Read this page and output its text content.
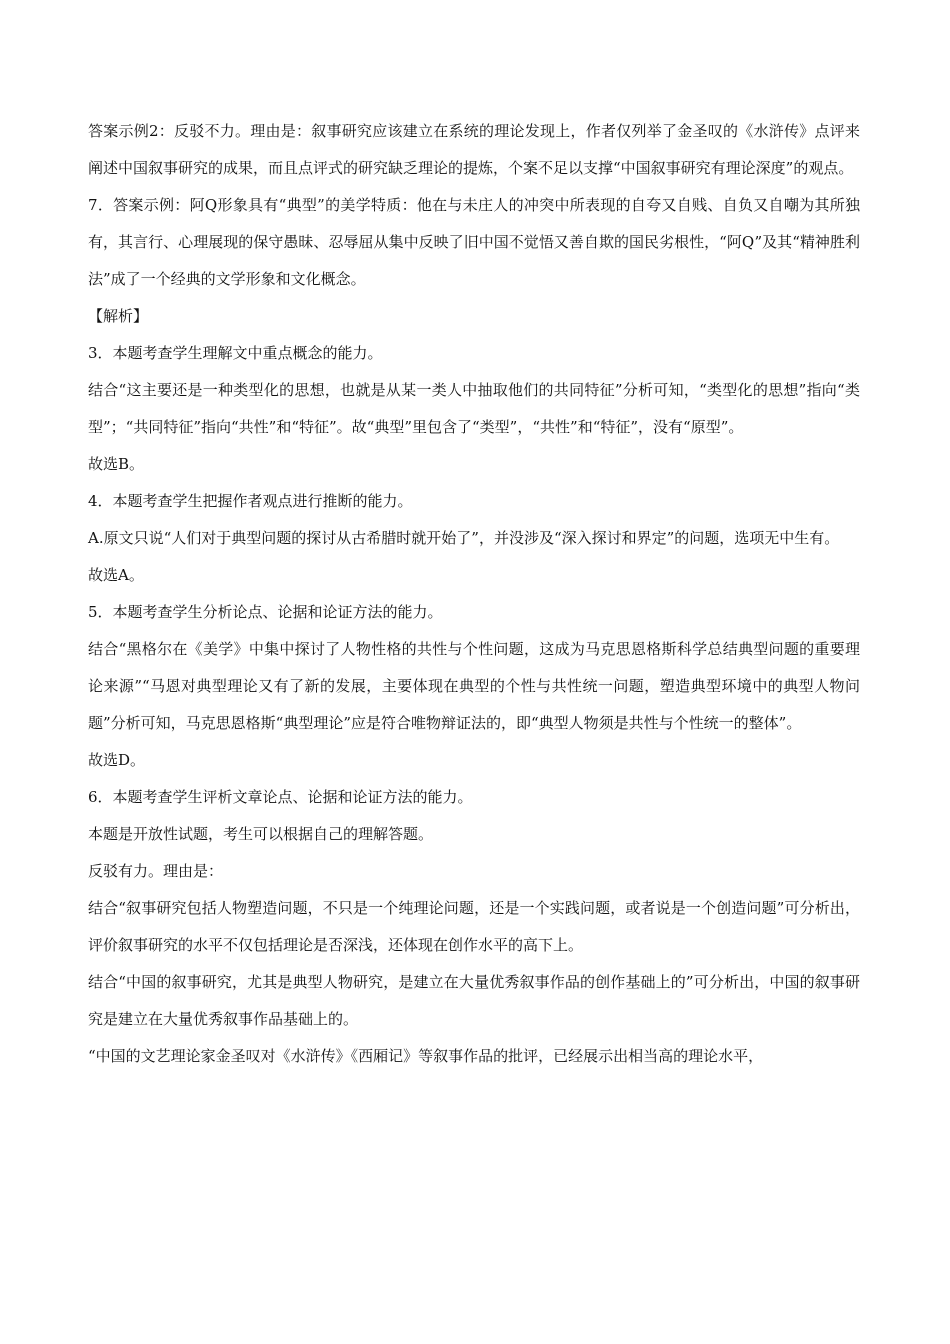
答案示例2：反驳不力。理由是：叙事研究应该建立在系统的理论发现上，作者仅列举了金圣叹的《水浒传》点评来阐述中国叙事研究的成果，而且点评式的研究缺乏理论的提炼，个案不足以支撑“中国叙事研究有理论深度”的观点。

7．答案示例：阿Q形象具有“典型”的美学特质：他在与未庄人的冲突中所表现的自夸又自贱、自负又自嘲为其所独有，其言行、心理展现的保守愚昧、忍辱屈从集中反映了旧中国不觉悟又善自欺的国民劣根性，“阿Q”及其“精神胜利法”成了一个经典的文学形象和文化概念。

【解析】

3．本题考查学生理解文中重点概念的能力。

结合“这主要还是一种类型化的思想，也就是从某一类人中抽取他们的共同特征”分析可知，“类型化的思想”指向“类型”；“共同特征”指向“共性”和“特征”。故“典型”里包含了“类型”，“共性”和“特征”，没有“原型”。

故选B。

4．本题考查学生把握作者观点进行推断的能力。

A.原文只说“人们对于典型问题的探讨从古希腊时就开始了”，并没涉及“深入探讨和界定”的问题，选项无中生有。

故选A。

5．本题考查学生分析论点、论据和论证方法的能力。

结合“黑格尔在《美学》中集中探讨了人物性格的共性与个性问题，这成为马克思恩格斯科学总结典型问题的重要理论来源”“马恩对典型理论又有了新的发展，主要体现在典型的个性与共性统一问题，塑造典型环境中的典型人物问题”分析可知，马克思恩格斯“典型理论”应是符合唯物辩证法的，即“典型人物须是共性与个性统一的整体”。

故选D。

6．本题考查学生评析文章论点、论据和论证方法的能力。

本题是开放性试题，考生可以根据自己的理解答题。

反驳有力。理由是：

结合“叙事研究包括人物塑造问题，不只是一个纯理论问题，还是一个实践问题，或者说是一个创造问题”可分析出，评价叙事研究的水平不仅包括理论是否深浅，还体现在创作水平的高下上。

结合“中国的叙事研究，尤其是典型人物研究，是建立在大量优秀叙事作品的创作基础上的”可分析出，中国的叙事研究是建立在大量优秀叙事作品基础上的。

“中国的文艺理论家金圣叹对《水浒传》《西厢记》等叙事作品的批评，已经展示出相当高的理论水平，
